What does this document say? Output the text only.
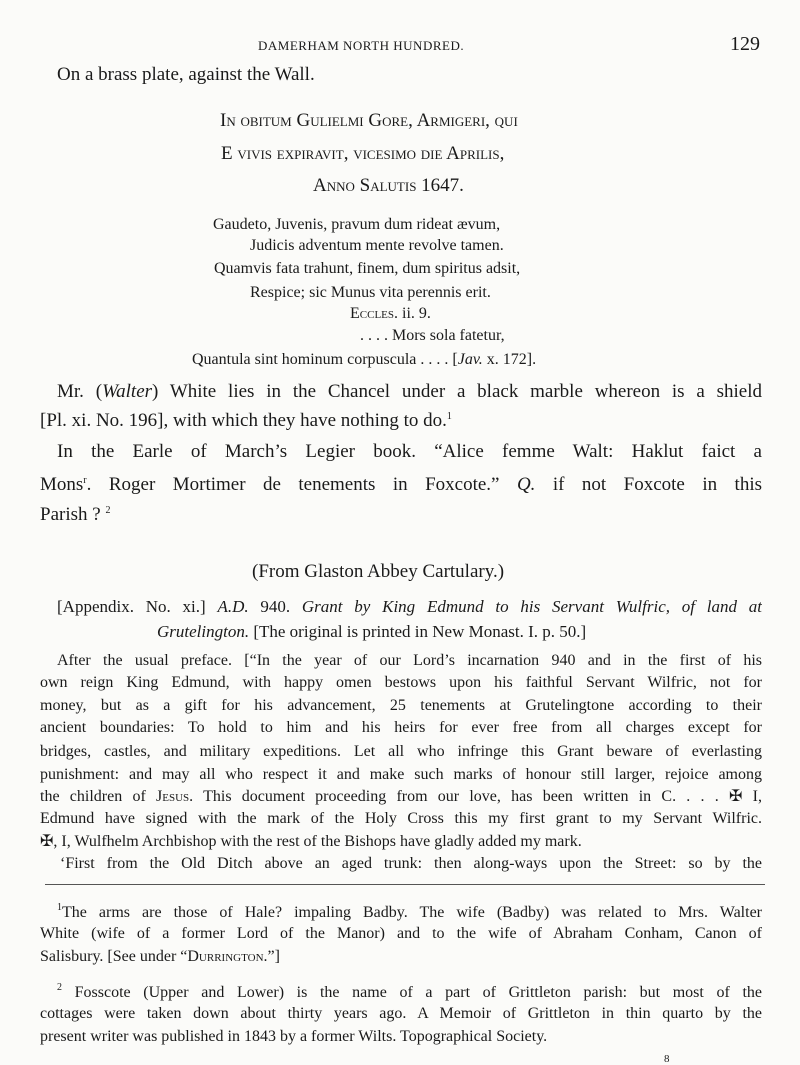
DAMERHAM NORTH HUNDRED.	129
On a brass plate, against the Wall.
In obitum Gulielmi Gore, Armigeri, qui
E vivis expiravit, vicesimo die Aprilis,
Anno Salutis 1647.
Gaudeto, Juvenis, pravum dum rideat ævum,
Judicis adventum mente revolve tamen.
Quamvis fata trahunt, finem, dum spiritus adsit,
Respice; sic Munus vita perennis erit.
Eccles. ii. 9.
. . . . Mors sola fatetur,
Quantula sint hominum corpuscula . . . . [Jav. x. 172].
Mr. (Walter) White lies in the Chancel under a black marble whereon is a shield
[Pl. xi. No. 196], with which they have nothing to do.$^1$
In the Earle of March’s Legier book. “Alice femme Walt: Haklut faict a
Mons$^r$. Roger Mortimer de tenements in Foxcote.” Q. if not Foxcote in this
Parish ? $^2$
(From Glaston Abbey Cartulary.)
[Appendix. No. xi.] A.D. 940. Grant by King Edmund to his Servant Wulfric, of land at
Grutelington. [The original is printed in New Monast. I. p. 50.]
After the usual preface. [“In the year of our Lord’s incarnation 940 and in the first of his
own reign King Edmund, with happy omen bestows upon his faithful Servant Wilfric, not for
money, but as a gift for his advancement, 25 tenements at Grutelingtone according to their
ancient boundaries: To hold to him and his heirs for ever free from all charges except for
bridges, castles, and military expeditions. Let all who infringe this Grant beware of everlasting
punishment: and may all who respect it and make such marks of honour still larger, rejoice among
the children of Jesus. This document proceeding from our love, has been written in C. . . . ✠ I,
Edmund have signed with the mark of the Holy Cross this my first grant to my Servant Wilfric.
✠, I, Wulfhelm Archbishop with the rest of the Bishops have gladly added my mark.
‘First from the Old Ditch above an aged trunk: then along-ways upon the Street: so by the
$^1$The arms are those of Hale? impaling Badby. The wife (Badby) was related to Mrs. Walter
White (wife of a former Lord of the Manor) and to the wife of Abraham Conham, Canon of
Salisbury. [See under “Durrington.”]
$^2$ Fosscote (Upper and Lower) is the name of a part of Grittleton parish: but most of the
cottages were taken down about thirty years ago. A Memoir of Grittleton in thin quarto by the
present writer was published in 1843 by a former Wilts. Topographical Society.
8
